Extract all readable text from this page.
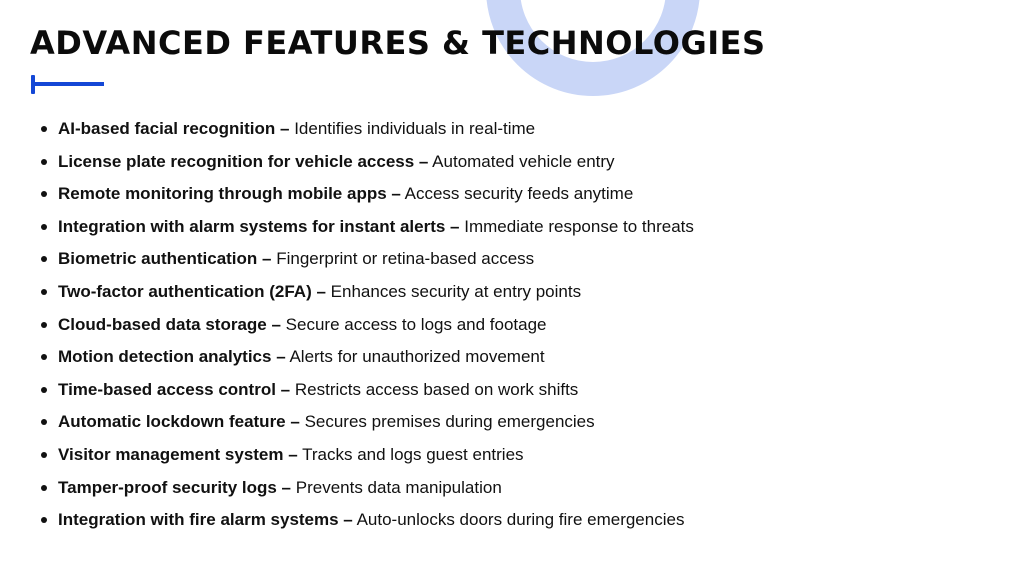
ADVANCED FEATURES & TECHNOLOGIES
AI-based facial recognition – Identifies individuals in real-time
License plate recognition for vehicle access – Automated vehicle entry
Remote monitoring through mobile apps – Access security feeds anytime
Integration with alarm systems for instant alerts – Immediate response to threats
Biometric authentication – Fingerprint or retina-based access
Two-factor authentication (2FA) – Enhances security at entry points
Cloud-based data storage – Secure access to logs and footage
Motion detection analytics – Alerts for unauthorized movement
Time-based access control – Restricts access based on work shifts
Automatic lockdown feature – Secures premises during emergencies
Visitor management system – Tracks and logs guest entries
Tamper-proof security logs – Prevents data manipulation
Integration with fire alarm systems – Auto-unlocks doors during fire emergencies
